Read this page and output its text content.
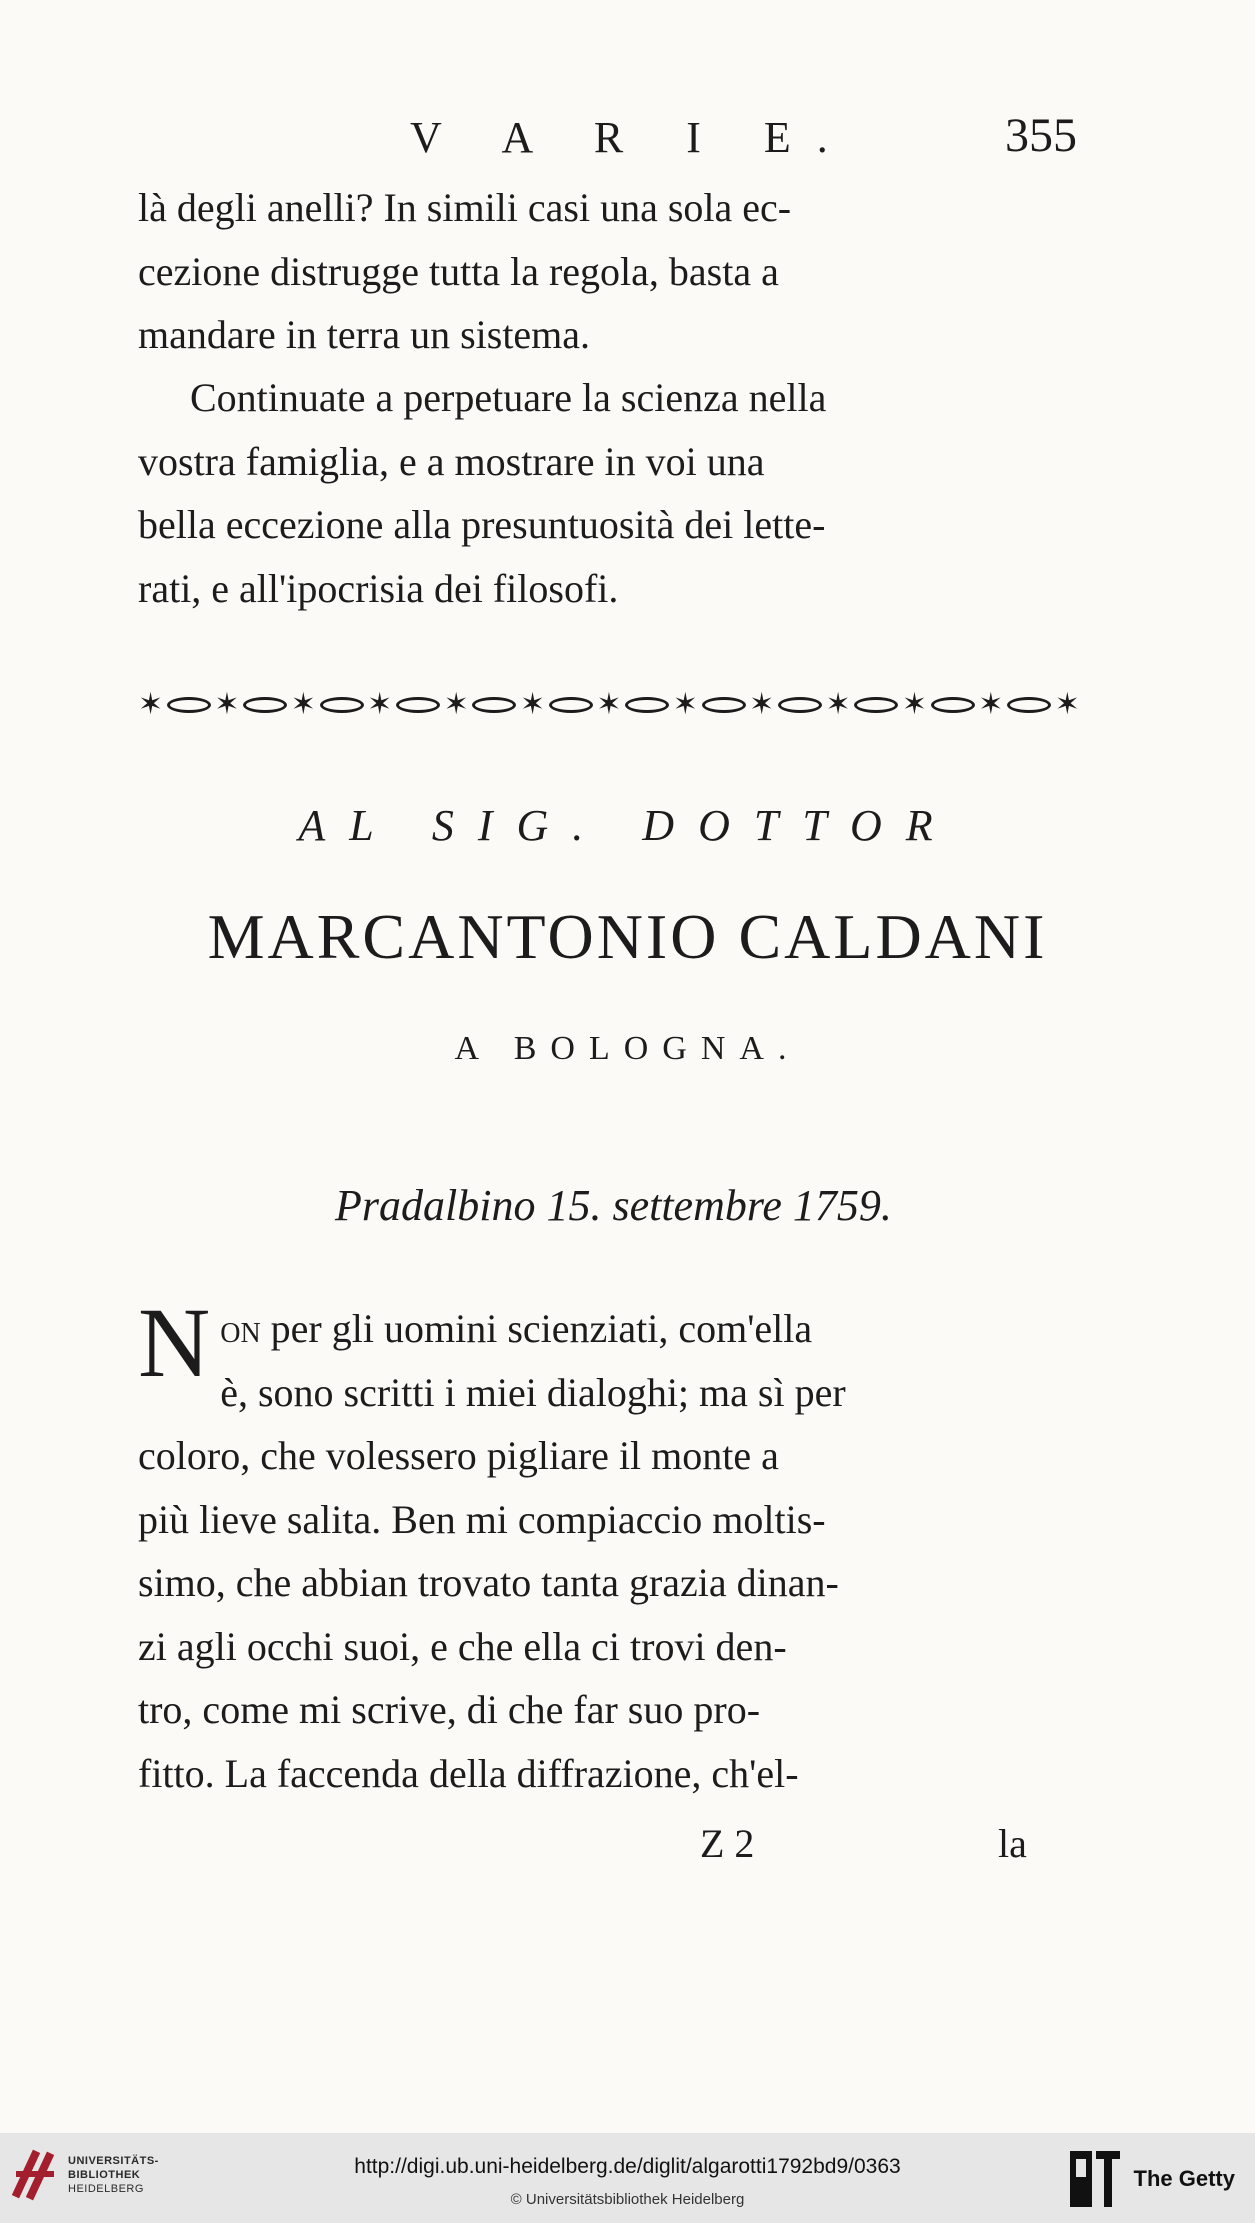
V A R I E.	355

là degli anelli? In simili casi una sola ec-

cezione distrugge tutta la regola, basta a

mandare in terra un sistema.

Continuate a perpetuare la scienza nella

vostra famiglia, e a mostrare in voi una

bella eccezione alla presuntuosità dei lette-

rati, e all'ipocrisia dei filosofi.

✶ ✶ ✶ ✶ ✶ ✶ ✶ ✶ ✶ ✶ ✶ ✶ ✶
AL SIG. DOTTOR
MARCANTONIO CALDANI
A BOLOGNA.
Pradalbino 15. settembre 1759.
N on per gli uomini scienziati, com'ella

è, sono scritti i miei dialoghi; ma sì per

coloro, che volessero pigliare il monte a

più lieve salita. Ben mi compiaccio moltis-

simo, che abbian trovato tanta grazia dinan-

zi agli occhi suoi, e che ella ci trovi den-

tro, come mi scrive, di che far suo pro-

fitto. La faccenda della diffrazione, ch'el-

Z 2	la
UNIVERSITÄTS-
BIBLIOTHEK
HEIDELBERG
http://digi.ub.uni-heidelberg.de/diglit/algarotti1792bd9/0363
© Universitätsbibliothek Heidelberg
The Getty
